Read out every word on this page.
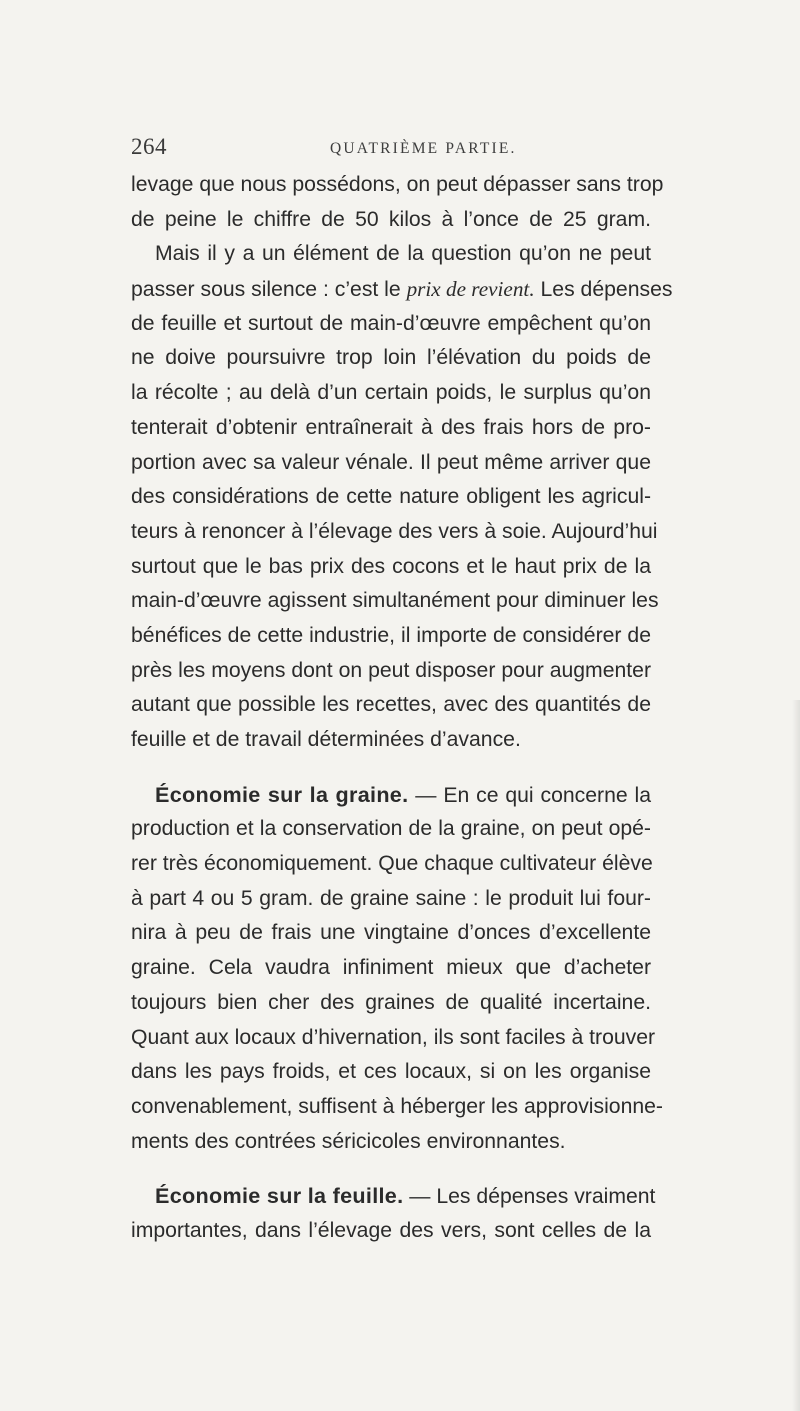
264	QUATRIÈME PARTIE.
levage que nous possédons, on peut dépasser sans trop
de peine le chiffre de 50 kilos à l’once de 25 gram.
Mais il y a un élément de la question qu’on ne peut
passer sous silence : c’est le prix de revient. Les dépenses
de feuille et surtout de main-d’œuvre empêchent qu’on
ne doive poursuivre trop loin l’élévation du poids de
la récolte ; au delà d’un certain poids, le surplus qu’on
tenterait d’obtenir entraînerait à des frais hors de pro-
portion avec sa valeur vénale. Il peut même arriver que
des considérations de cette nature obligent les agricul-
teurs à renoncer à l’élevage des vers à soie. Aujourd’hui
surtout que le bas prix des cocons et le haut prix de la
main-d’œuvre agissent simultanément pour diminuer les
bénéfices de cette industrie, il importe de considérer de
près les moyens dont on peut disposer pour augmenter
autant que possible les recettes, avec des quantités de
feuille et de travail déterminées d’avance.
Économie sur la graine. — En ce qui concerne la
production et la conservation de la graine, on peut opé-
rer très économiquement. Que chaque cultivateur élève
à part 4 ou 5 gram. de graine saine : le produit lui four-
nira à peu de frais une vingtaine d’onces d’excellente
graine. Cela vaudra infiniment mieux que d’acheter
toujours bien cher des graines de qualité incertaine.
Quant aux locaux d’hivernation, ils sont faciles à trouver
dans les pays froids, et ces locaux, si on les organise
convenablement, suffisent à héberger les approvisionne-
ments des contrées séricicoles environnantes.
Économie sur la feuille. — Les dépenses vraiment
importantes, dans l’élevage des vers, sont celles de la
